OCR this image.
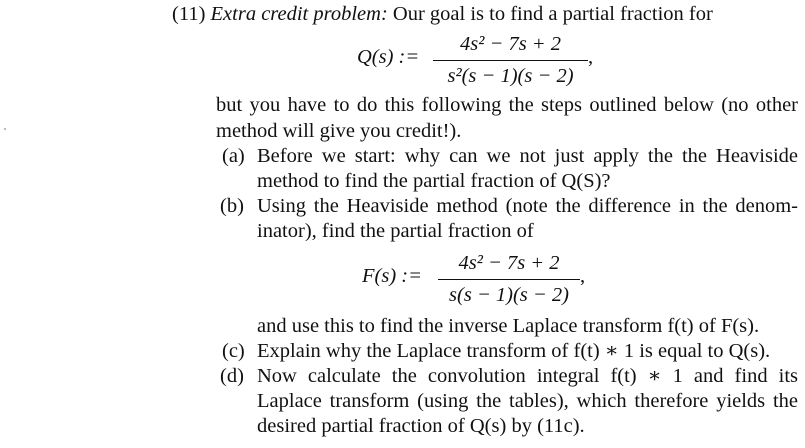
(11) Extra credit problem: Our goal is to find a partial fraction for
Q(s) :=
4s² − 7s + 2
s²(s − 1)(s − 2)
,
but you have to do this following the steps outlined below (no other
method will give you credit!).
(a) Before we start: why can we not just apply the the Heaviside
method to find the partial fraction of Q(S)?
(b) Using the Heaviside method (note the difference in the denom-
inator), find the partial fraction of
F(s) :=
4s² − 7s + 2
s(s − 1)(s − 2)
,
and use this to find the inverse Laplace transform f(t) of F(s).
(c) Explain why the Laplace transform of f(t) ∗ 1 is equal to Q(s).
(d) Now calculate the convolution integral f(t) ∗ 1 and find its
Laplace transform (using the tables), which therefore yields the
desired partial fraction of Q(s) by (11c).
